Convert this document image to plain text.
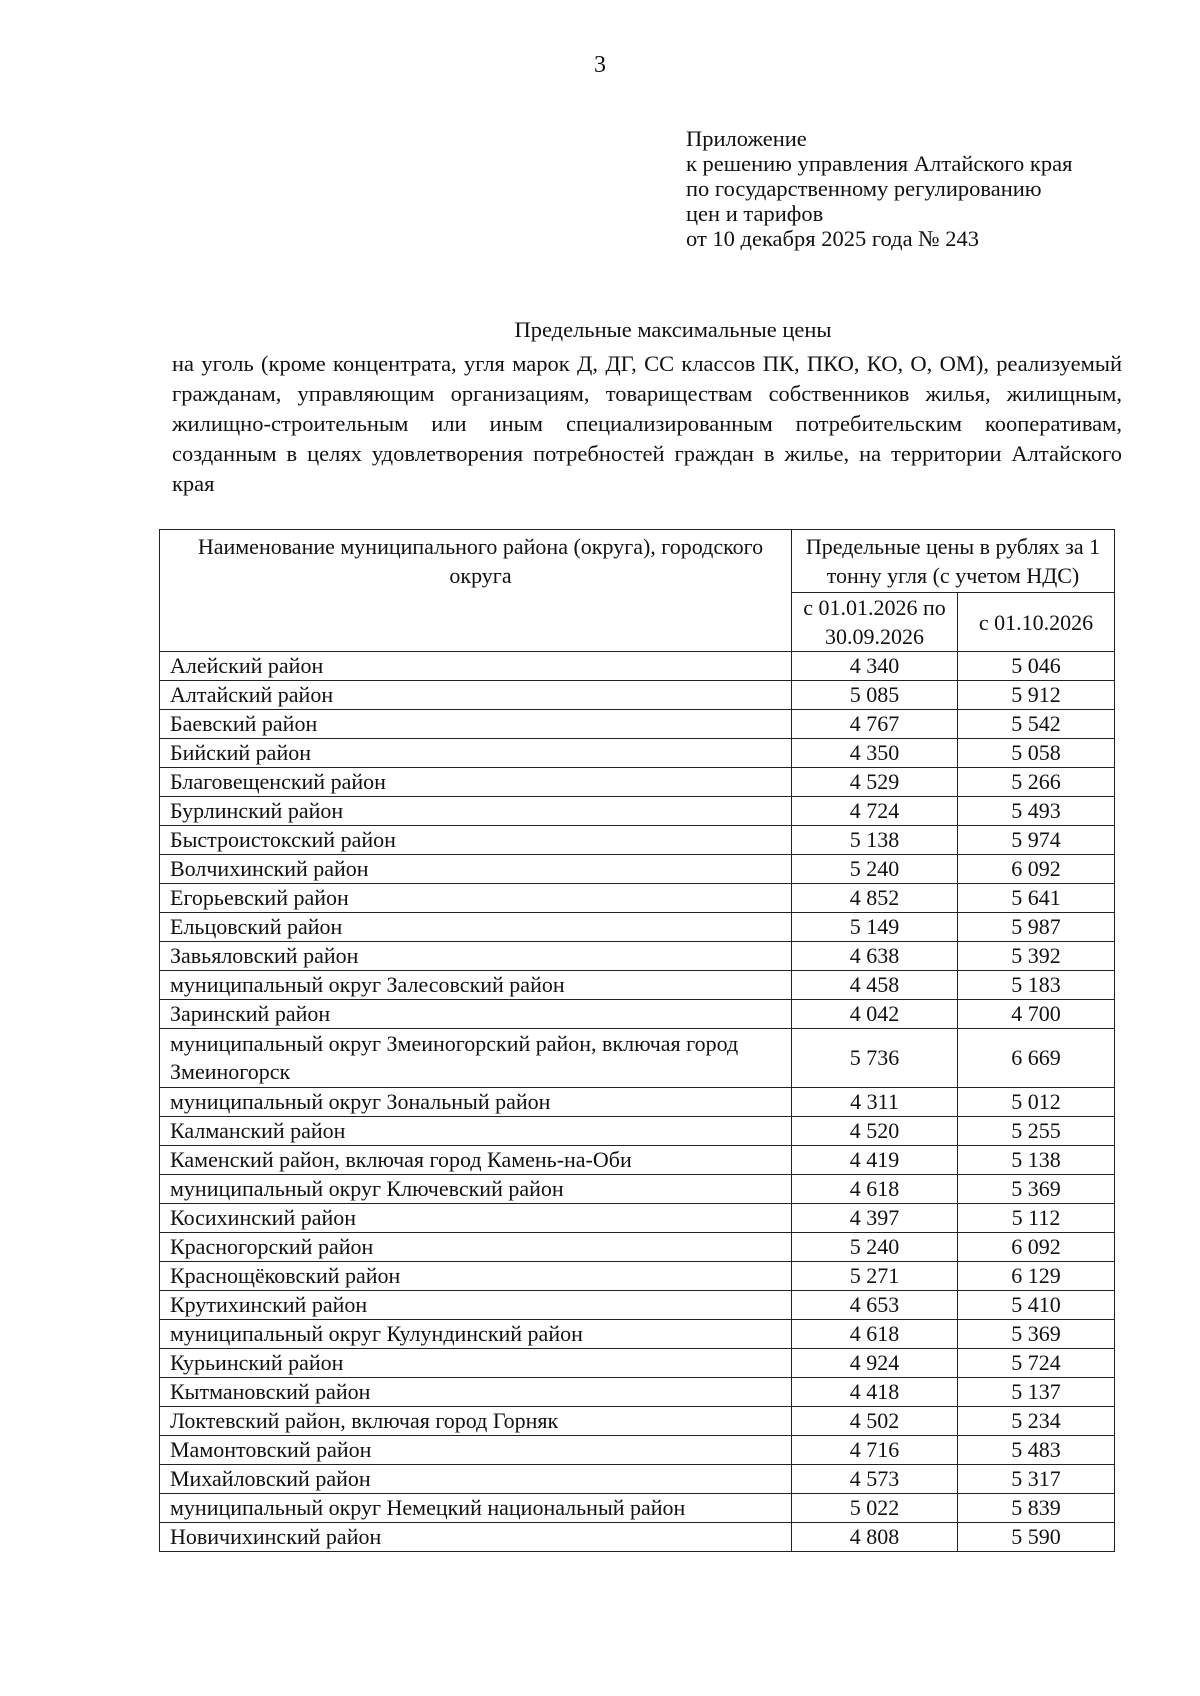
3
Приложение
к решению управления Алтайского края
по государственному регулированию
цен и тарифов
от 10 декабря 2025 года № 243
Предельные максимальные цены
на уголь (кроме концентрата, угля марок Д, ДГ, СС классов ПК, ПКО, КО, О, ОМ), реализуемый гражданам, управляющим организациям, товариществам собственников жилья, жилищным, жилищно-строительным или иным специализированным потребительским кооперативам, созданным в целях удовлетворения потребностей граждан в жилье, на территории Алтайского края
Наименование муниципального района (округа), городского округа	Предельные цены в рублях за 1 тонну угля (с учетом НДС)	
	с 01.01.2026 по 30.09.2026	с 01.10.2026
Алейский район	4 340	5 046
Алтайский район	5 085	5 912
Баевский район	4 767	5 542
Бийский район	4 350	5 058
Благовещенский район	4 529	5 266
Бурлинский район	4 724	5 493
Быстроистокский район	5 138	5 974
Волчихинский район	5 240	6 092
Егорьевский район	4 852	5 641
Ельцовский район	5 149	5 987
Завьяловский район	4 638	5 392
муниципальный округ Залесовский район	4 458	5 183
Заринский район	4 042	4 700
муниципальный округ Змеиногорский район, включая город Змеиногорск	5 736	6 669
муниципальный округ Зональный район	4 311	5 012
Калманский район	4 520	5 255
Каменский район, включая город Камень-на-Оби	4 419	5 138
муниципальный округ Ключевский район	4 618	5 369
Косихинский район	4 397	5 112
Красногорский район	5 240	6 092
Краснощёковский район	5 271	6 129
Крутихинский район	4 653	5 410
муниципальный округ Кулундинский район	4 618	5 369
Курьинский район	4 924	5 724
Кытмановский район	4 418	5 137
Локтевский район, включая город Горняк	4 502	5 234
Мамонтовский район	4 716	5 483
Михайловский район	4 573	5 317
муниципальный округ Немецкий национальный район	5 022	5 839
Новичихинский район	4 808	5 590
